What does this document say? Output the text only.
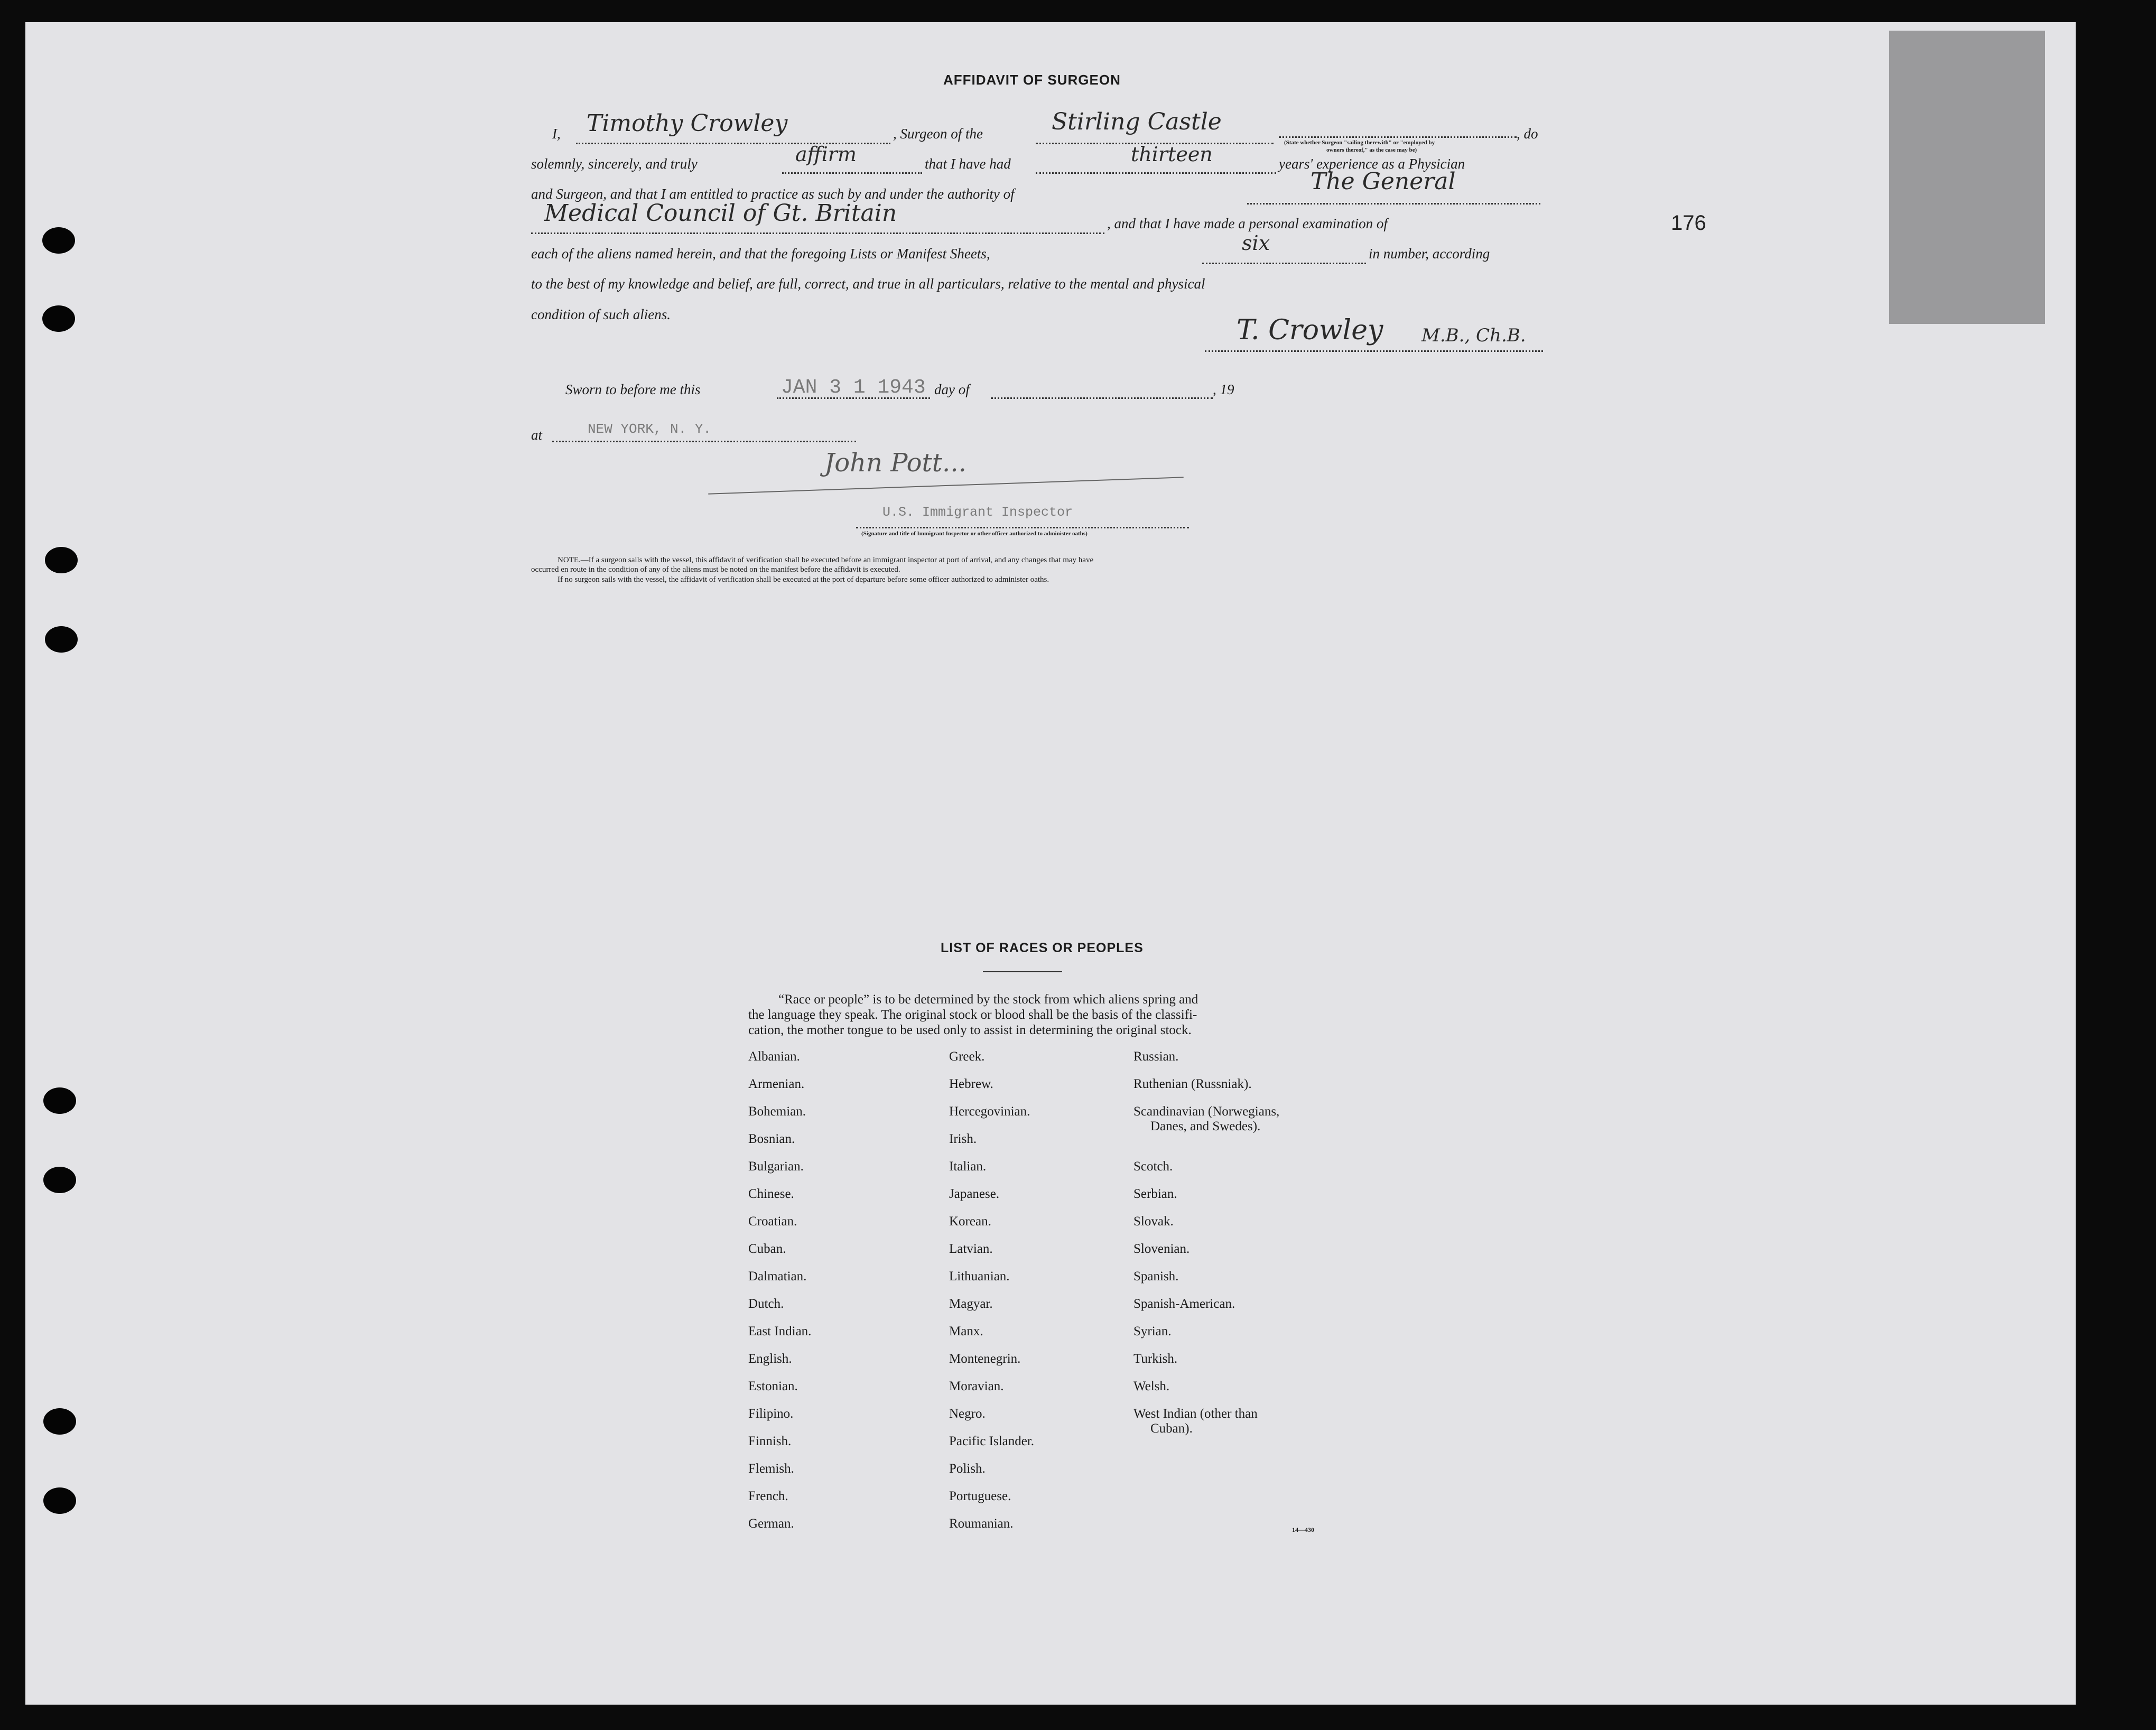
176
AFFIDAVIT OF SURGEON
I, Timothy Crowley	, Surgeon of the	Stirling Castle
(State whether Surgeon "sailing therewith" or "employed by
owners thereof," as the case may be)
, do
solemnly, sincerely, and truly	affirm	that I have had	thirteen	years' experience as a Physician
and Surgeon, and that I am entitled to practice as such by and under the authority of	The General
Medical Council of Gt. Britain	, and that I have made a personal examination of
each of the aliens named herein, and that the foregoing Lists or Manifest Sheets,	six	in number, according
to the best of my knowledge and belief, are full, correct, and true in all particulars, relative to the mental and physical
condition of such aliens.	T. Crowley M.B., Ch.B.
Sworn to before me this	JAN 3 1 1943 day of	, 19
at	NEW YORK, N. Y.
John Pott...
U.S. Immigrant Inspector
(Signature and title of Immigrant Inspector or other officer authorized to administer oaths)
NOTE.—If a surgeon sails with the vessel, this affidavit of verification shall be executed before an immigrant inspector at port of arrival, and any changes that may have
occurred en route in the condition of any of the aliens must be noted on the manifest before the affidavit is executed.
If no surgeon sails with the vessel, the affidavit of verification shall be executed at the port of departure before some officer authorized to administer oaths.
LIST OF RACES OR PEOPLES
“Race or people” is to be determined by the stock from which aliens spring and
the language they speak. The original stock or blood shall be the basis of the classifi-
cation, the mother tongue to be used only to assist in determining the original stock.
Albanian.
Armenian.
Bohemian.
Bosnian.
Bulgarian.
Chinese.
Croatian.
Cuban.
Dalmatian.
Dutch.
East Indian.
English.
Estonian.
Filipino.
Finnish.
Flemish.
French.
German.
Greek.
Hebrew.
Hercegovinian.
Irish.
Italian.
Japanese.
Korean.
Latvian.
Lithuanian.
Magyar.
Manx.
Montenegrin.
Moravian.
Negro.
Pacific Islander.
Polish.
Portuguese.
Roumanian.
Russian.
Ruthenian (Russniak).
Scandinavian (Norwegians,
Danes, and Swedes).
Scotch.
Serbian.
Slovak.
Slovenian.
Spanish.
Spanish-American.
Syrian.
Turkish.
Welsh.
West Indian (other than
Cuban).
14—430
